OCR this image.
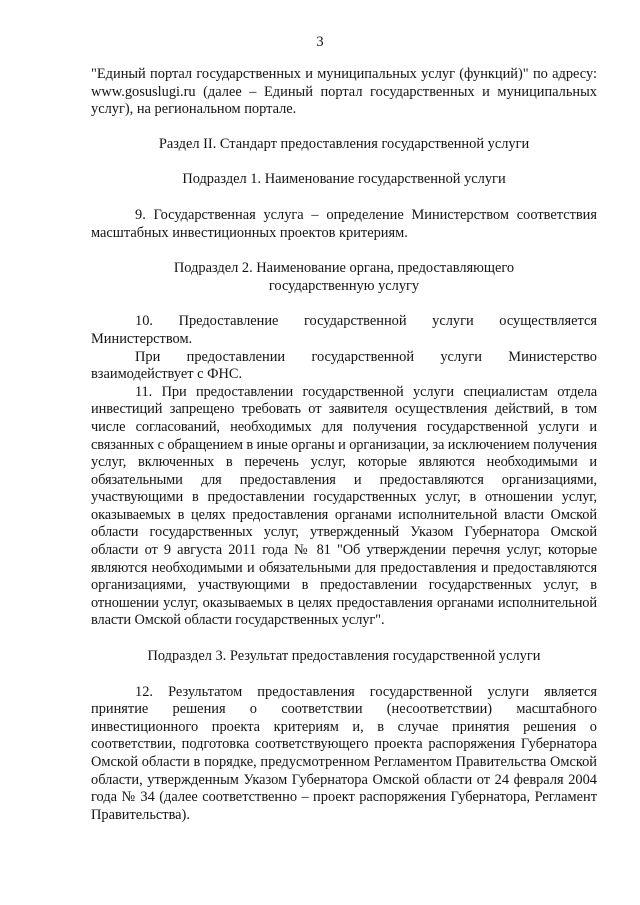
3

"Единый портал государственных и муниципальных услуг (функций)" по адресу: www.gosuslugi.ru (далее – Единый портал государственных и муниципальных услуг), на региональном портале.

Раздел II. Стандарт предоставления государственной услуги

Подраздел 1. Наименование государственной услуги

9. Государственная услуга – определение Министерством соответствия масштабных инвестиционных проектов критериям.

Подраздел 2. Наименование органа, предоставляющего государственную услугу

10. Предоставление государственной услуги осуществляется Министерством.

При предоставлении государственной услуги Министерство взаимодействует с ФНС.

11. При предоставлении государственной услуги специалистам отдела инвестиций запрещено требовать от заявителя осуществления действий, в том числе согласований, необходимых для получения государственной услуги и связанных с обращением в иные органы и организации, за исключением получения услуг, включенных в перечень услуг, которые являются необходимыми и обязательными для предоставления и предоставляются организациями, участвующими в предоставлении государственных услуг, в отношении услуг, оказываемых в целях предоставления органами исполнительной власти Омской области государственных услуг, утвержденный Указом Губернатора Омской области от 9 августа 2011 года № 81 "Об утверждении перечня услуг, которые являются необходимыми и обязательными для предоставления и предоставляются организациями, участвующими в предоставлении государственных услуг, в отношении услуг, оказываемых в целях предоставления органами исполнительной власти Омской области государственных услуг".

Подраздел 3. Результат предоставления государственной услуги

12. Результатом предоставления государственной услуги является принятие решения о соответствии (несоответствии) масштабного инвестиционного проекта критериям и, в случае принятия решения о соответствии, подготовка соответствующего проекта распоряжения Губернатора Омской области в порядке, предусмотренном Регламентом Правительства Омской области, утвержденным Указом Губернатора Омской области от 24 февраля 2004 года № 34 (далее соответственно – проект распоряжения Губернатора, Регламент Правительства).
